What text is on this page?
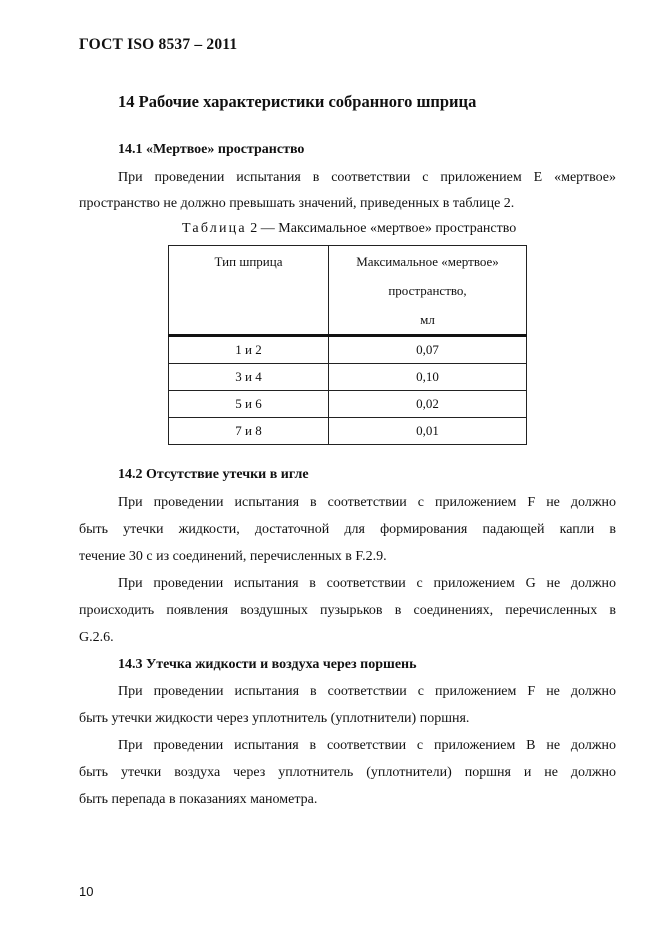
ГОСТ ISO 8537 – 2011
14 Рабочие характеристики собранного шприца
14.1 «Мертвое» пространство
При проведении испытания в соответствии с приложением E «мертвое»
пространство не должно превышать значений, приведенных в таблице 2.
Таблица 2 — Максимальное «мертвое» пространство
Тип шприца	Максимальное «мертвое»
пространство,
мл

1 и 2	0,07
3 и 4	0,10
5 и 6	0,02
7 и 8	0,01
14.2 Отсутствие утечки в игле
При проведении испытания в соответствии с приложением F не должно
быть утечки жидкости, достаточной для формирования падающей капли в
течение 30 с из соединений, перечисленных в F.2.9.
При проведении испытания в соответствии с приложением G не должно
происходить появления воздушных пузырьков в соединениях, перечисленных в
G.2.6.
14.3 Утечка жидкости и воздуха через поршень
При проведении испытания в соответствии с приложением F не должно
быть утечки жидкости через уплотнитель (уплотнители) поршня.
При проведении испытания в соответствии с приложением B не должно
быть утечки воздуха через уплотнитель (уплотнители) поршня и не должно
быть перепада в показаниях манометра.
10
